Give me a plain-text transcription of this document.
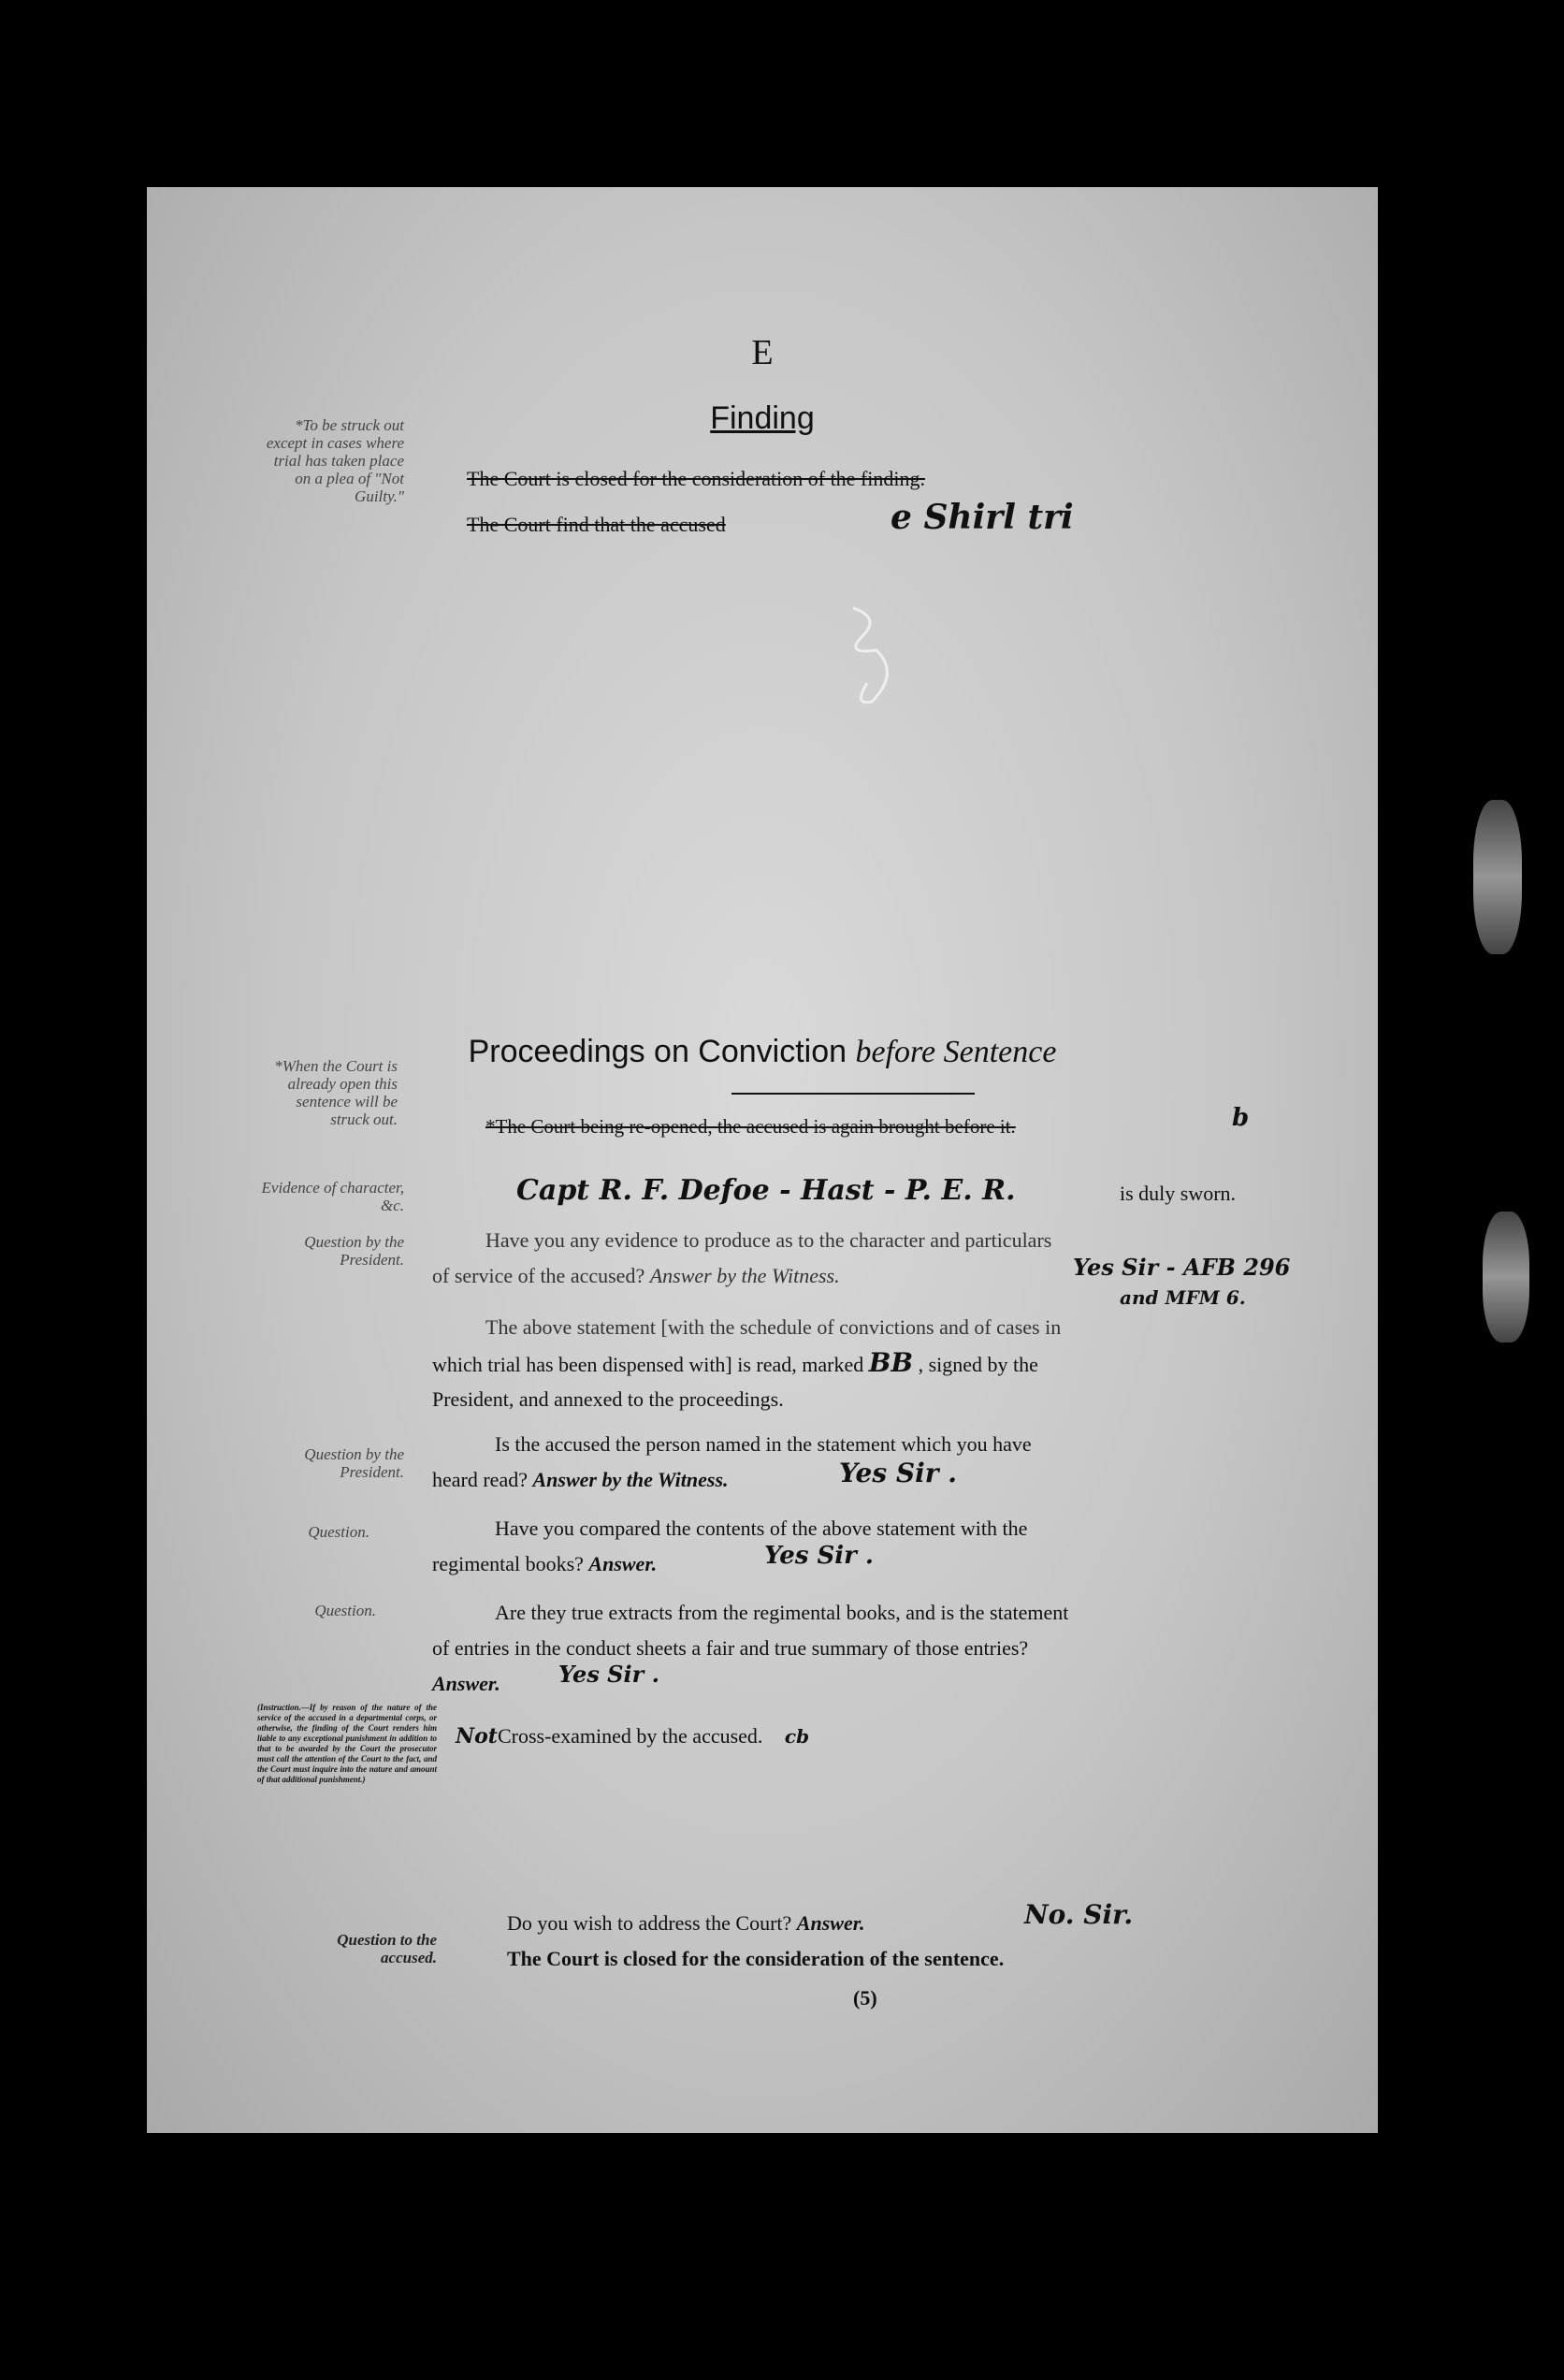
E
*To be struck out except in cases where trial has taken place on a plea of "Not Guilty."
Finding
The Court is closed for the consideration of the finding.
The Court find that the accused	e Shirl tri
*When the Court is already open this sentence will be struck out.
Evidence of character, &c.
Proceedings on Conviction before Sentence
*The Court being re-opened, the accused is again brought before it.	b
Capt R. F. Defoe - Hast - P. E. R.	is duly sworn.
Question by the President.
Have you any evidence to produce as to the character and particulars
of service of the accused? Answer by the Witness.	Yes Sir - AFB 296
and MFM 6.
The above statement [with the schedule of convictions and of cases in
which trial has been dispensed with] is read, marked BB , signed by the
President, and annexed to the proceedings.
Question by the President.
Is the accused the person named in the statement which you have
heard read? Answer by the Witness.	Yes Sir .
Question.	Have you compared the contents of the above statement with the
regimental books? Answer.	Yes Sir .
Question.	Are they true extracts from the regimental books, and is the statement
of entries in the conduct sheets a fair and true summary of those entries?
Answer.	Yes Sir .
(Instruction.—If by reason of the nature of the service of the accused in a departmental corps, or otherwise, the finding of the Court renders him liable to any exceptional punishment in addition to that to be awarded by the Court the prosecutor must call the attention of the Court to the fact, and the Court must inquire into the nature and amount of that additional punishment.)
NotCross-examined by the accused. cb
Question to the accused.
Do you wish to address the Court? Answer.	No. Sir.
The Court is closed for the consideration of the sentence.
(5)
